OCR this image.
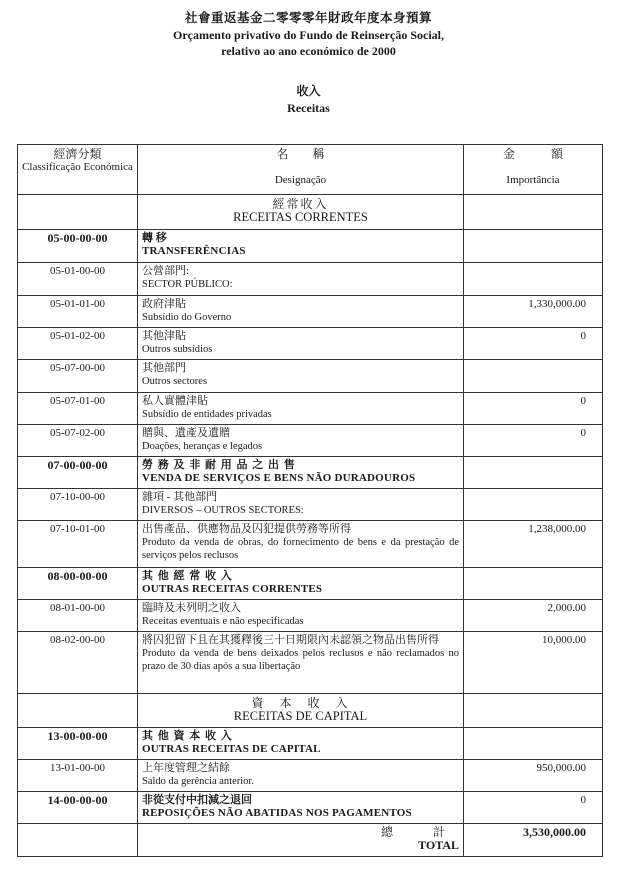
社會重返基金二零零零年財政年度本身預算
Orçamento privativo do Fundo de Reinserção Social,
relativo ao ano económico de 2000
收入
Receitas
經濟分類
Classificação Económica	名　　稱
Designação	金　　　額
Importância

	經常收入
RECEITAS CORRENTES	

05-00-00-00	轉 移
TRANSFERÊNCIAS	

05-01-00-00	公營部門:
SECTOR PÚBLICO:	

05-01-01-00	政府津貼
Subsídio do Governo	1,330,000.00
05-01-02-00	其他津貼
Outros subsídios	0
05-07-00-00	其他部門
Outros sectores	

05-07-01-00	私人實體津貼
Subsídio de entidades privadas	0
05-07-02-00	贈與、遺產及遺贈
Doações, heranças e legados	0
07-00-00-00	勞 務 及 非 耐 用 品 之 出 售
VENDA DE SERVIÇOS E BENS NÃO DURADOUROS	

07-10-00-00	雜項 - 其他部門
DIVERSOS – OUTROS SECTORES:	

07-10-01-00	出售產品、供應物品及囚犯提供勞務等所得
Produto da venda de obras, do fornecimento de bens e da prestação de serviços pelos reclusos	1,238,000.00
08-00-00-00	其 他 經 常 收 入
OUTRAS RECEITAS CORRENTES	

08-01-00-00	臨時及未列明之收入
Receitas eventuais e não especificadas	2,000.00
08-02-00-00	將囚犯留下且在其獲釋後三十日期限內未認領之物品出售所得
Produto da venda de bens deixados pelos reclusos e não reclamados no prazo de 30 dias após a sua libertação	10,000.00

	資　本　收　入
RECEITAS DE CAPITAL	

13-00-00-00	其 他 資 本 收 入
OUTRAS RECEITAS DE CAPITAL	

13-01-00-00	上年度管理之結餘
Saldo da gerência anterior.	950,000.00
14-00-00-00	非從支付中扣減之退回
REPOSIÇÕES NÃO ABATIDAS NOS PAGAMENTOS	0

	總　計
TOTAL	3,530,000.00
